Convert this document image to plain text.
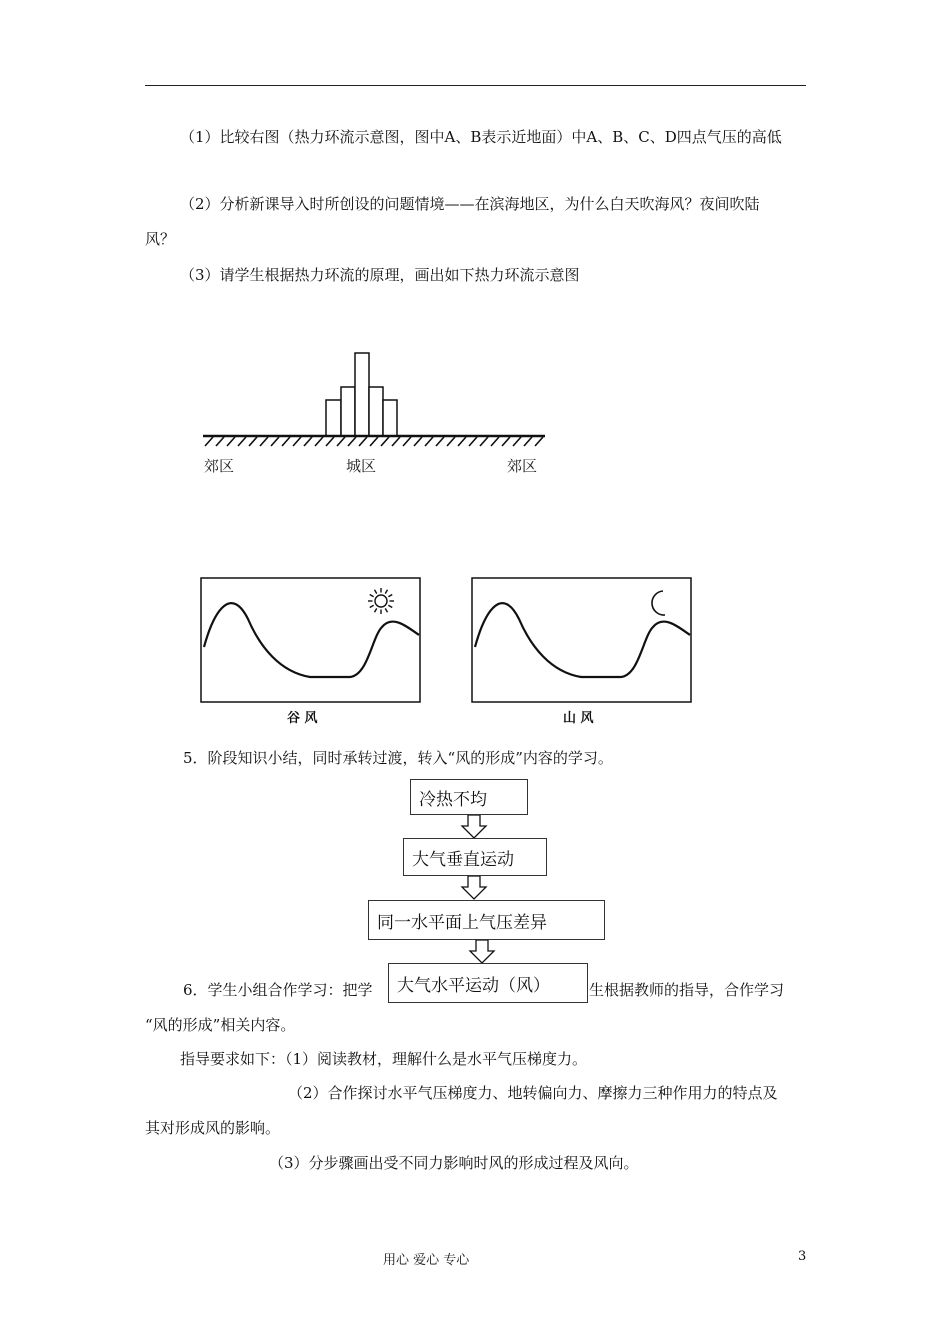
（1）比较右图（热力环流示意图，图中A、B表示近地面）中A、B、C、D四点气压的高低
（2）分析新课导入时所创设的问题情境——在滨海地区，为什么白天吹海风？夜间吹陆
风？
（3）请学生根据热力环流的原理，画出如下热力环流示意图
郊区	城区	郊区
谷 风	山 风
5．阶段知识小结，同时承转过渡，转入“风的形成”内容的学习。
冷热不均
大气垂直运动
同一水平面上气压差异
6．学生小组合作学习：把学	生根据教师的指导，合作学习
大气水平运动（风）
“风的形成”相关内容。
指导要求如下：（1）阅读教材，理解什么是水平气压梯度力。
（2）合作探讨水平气压梯度力、地转偏向力、摩擦力三种作用力的特点及
其对形成风的影响。
（3）分步骤画出受不同力影响时风的形成过程及风向。
用心 爱心 专心	3
